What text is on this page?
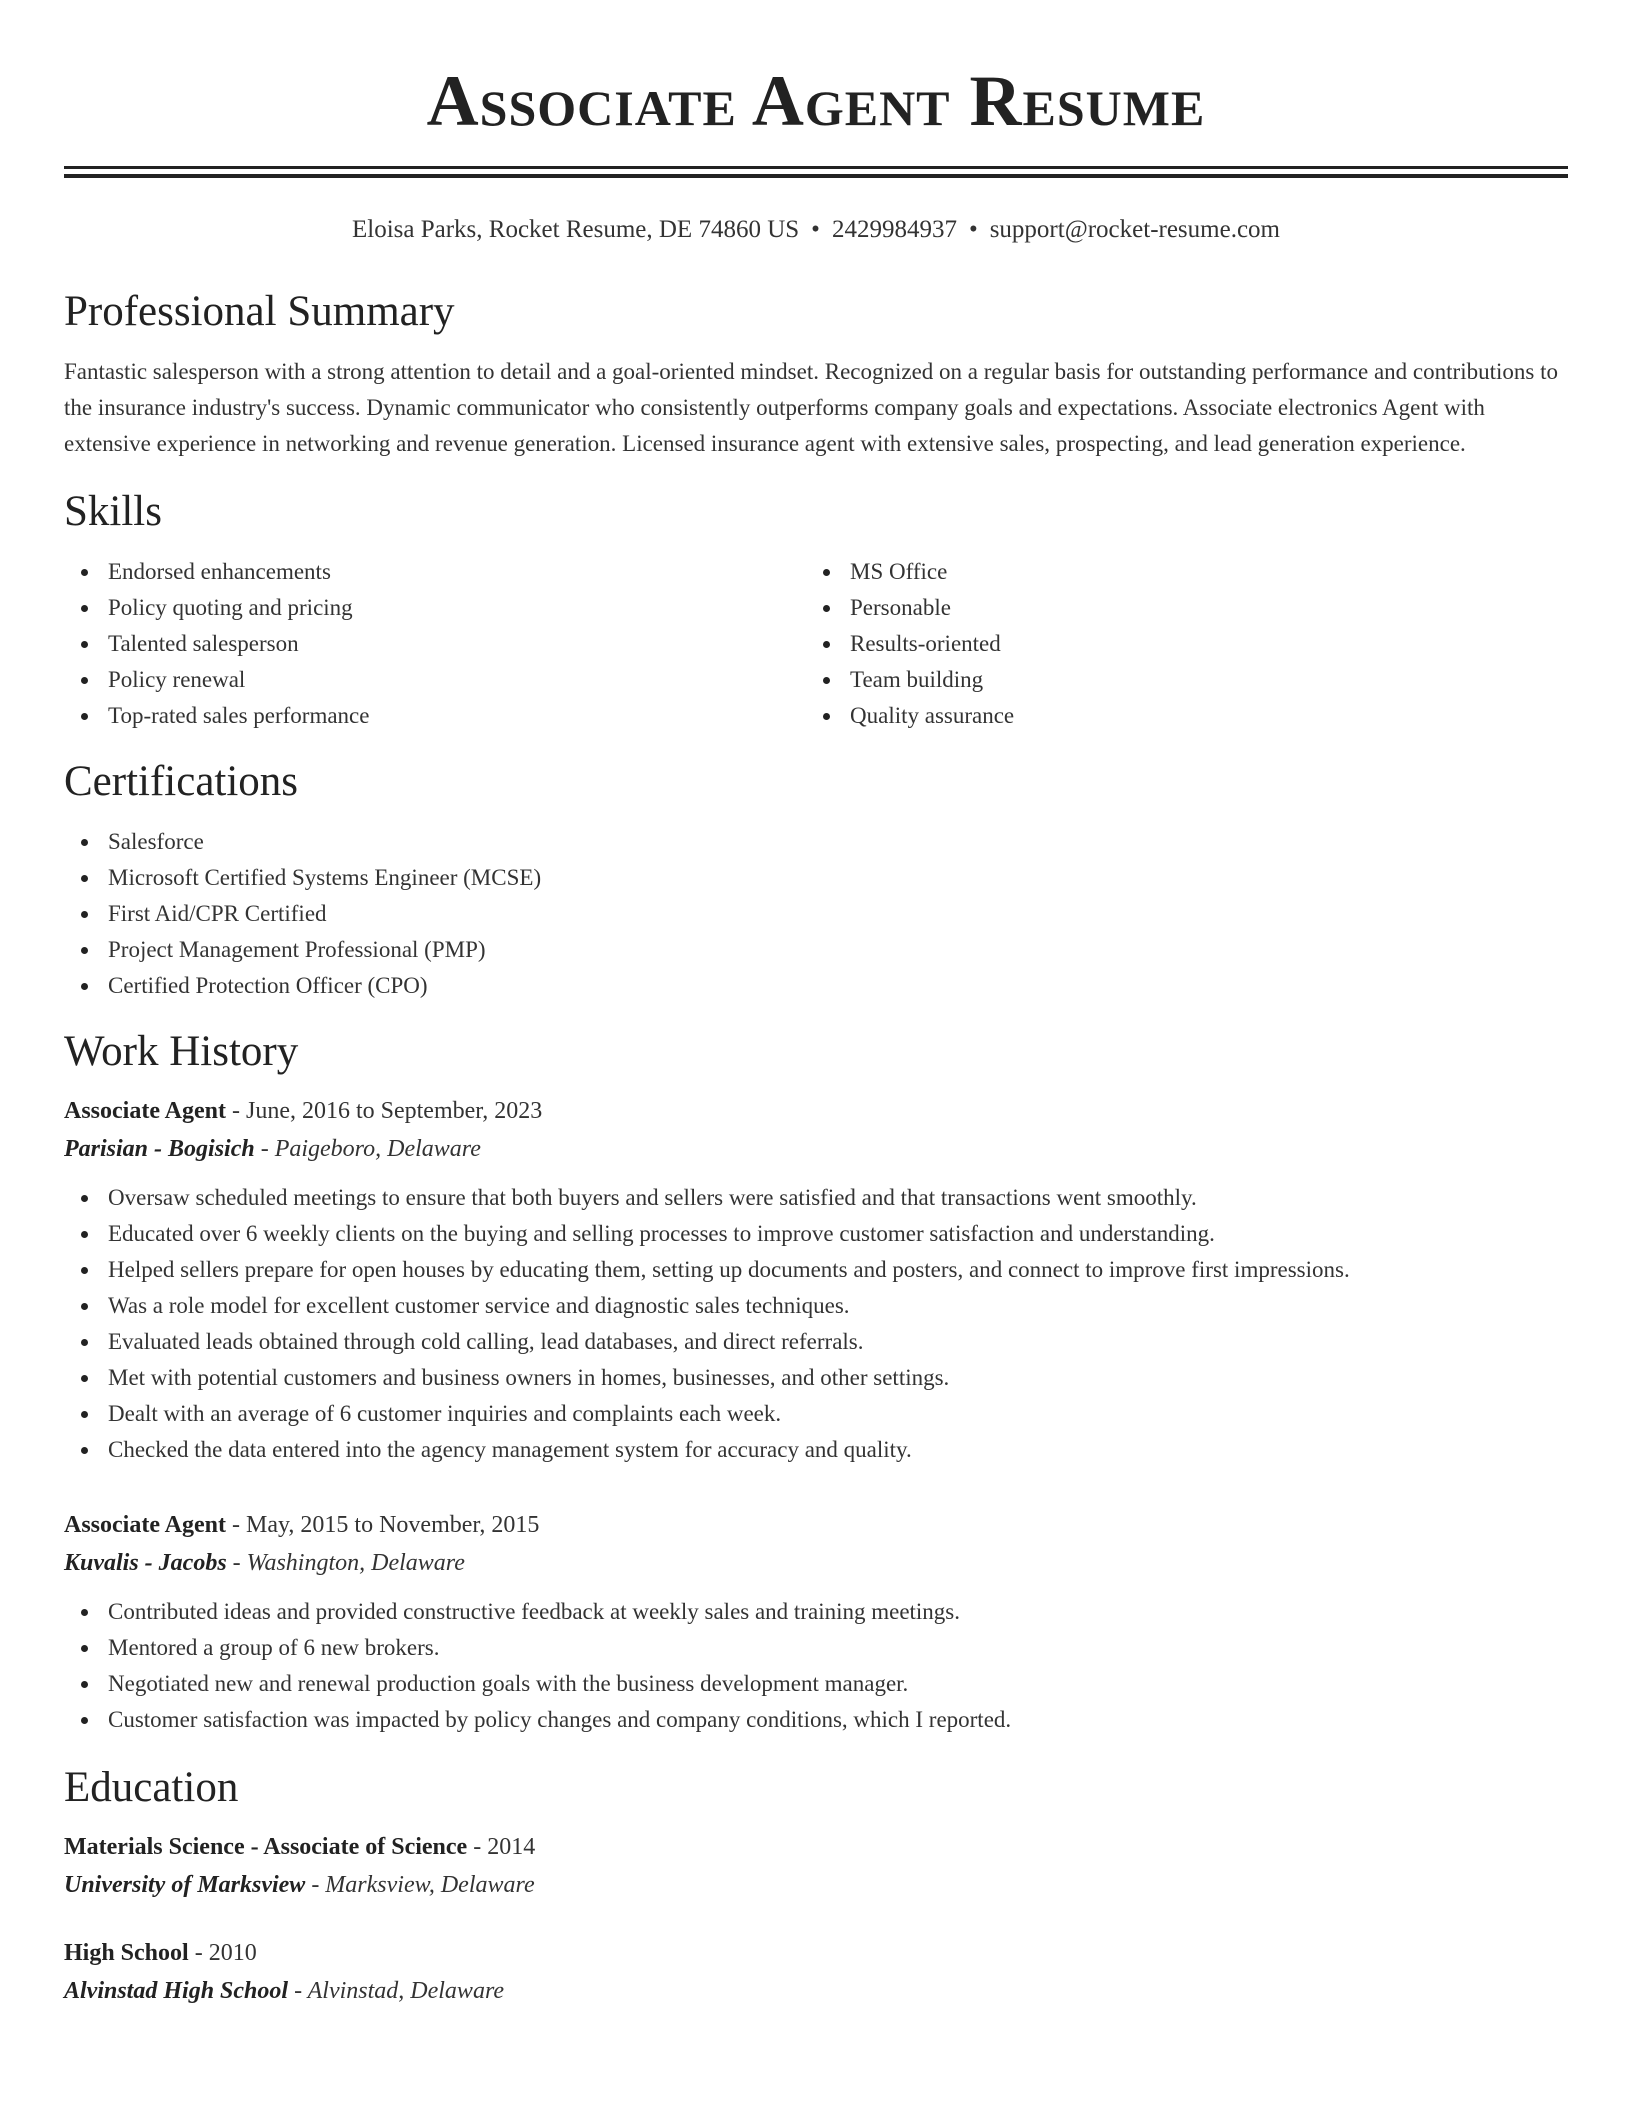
Associate Agent Resume
Eloisa Parks, Rocket Resume, DE 74860 US • 2429984937 • support@rocket-resume.com
Professional Summary

Fantastic salesperson with a strong attention to detail and a goal-oriented mindset. Recognized on a regular basis for outstanding performance and contributions to the insurance industry's success. Dynamic communicator who consistently outperforms company goals and expectations. Associate electronics Agent with extensive experience in networking and revenue generation. Licensed insurance agent with extensive sales, prospecting, and lead generation experience.

Skills
Endorsed enhancements
Policy quoting and pricing
Talented salesperson
Policy renewal
Top-rated sales performance
MS Office
Personable
Results-oriented
Team building
Quality assurance
Certifications
Salesforce
Microsoft Certified Systems Engineer (MCSE)
First Aid/CPR Certified
Project Management Professional (PMP)
Certified Protection Officer (CPO)
Work History
Associate Agent - June, 2016 to September, 2023
Parisian - Bogisich - Paigeboro, Delaware
Oversaw scheduled meetings to ensure that both buyers and sellers were satisfied and that transactions went smoothly.
Educated over 6 weekly clients on the buying and selling processes to improve customer satisfaction and understanding.
Helped sellers prepare for open houses by educating them, setting up documents and posters, and connect to improve first impressions.
Was a role model for excellent customer service and diagnostic sales techniques.
Evaluated leads obtained through cold calling, lead databases, and direct referrals.
Met with potential customers and business owners in homes, businesses, and other settings.
Dealt with an average of 6 customer inquiries and complaints each week.
Checked the data entered into the agency management system for accuracy and quality.
Associate Agent - May, 2015 to November, 2015
Kuvalis - Jacobs - Washington, Delaware
Contributed ideas and provided constructive feedback at weekly sales and training meetings.
Mentored a group of 6 new brokers.
Negotiated new and renewal production goals with the business development manager.
Customer satisfaction was impacted by policy changes and company conditions, which I reported.
Education
Materials Science - Associate of Science - 2014
University of Marksview - Marksview, Delaware
High School - 2010
Alvinstad High School - Alvinstad, Delaware
